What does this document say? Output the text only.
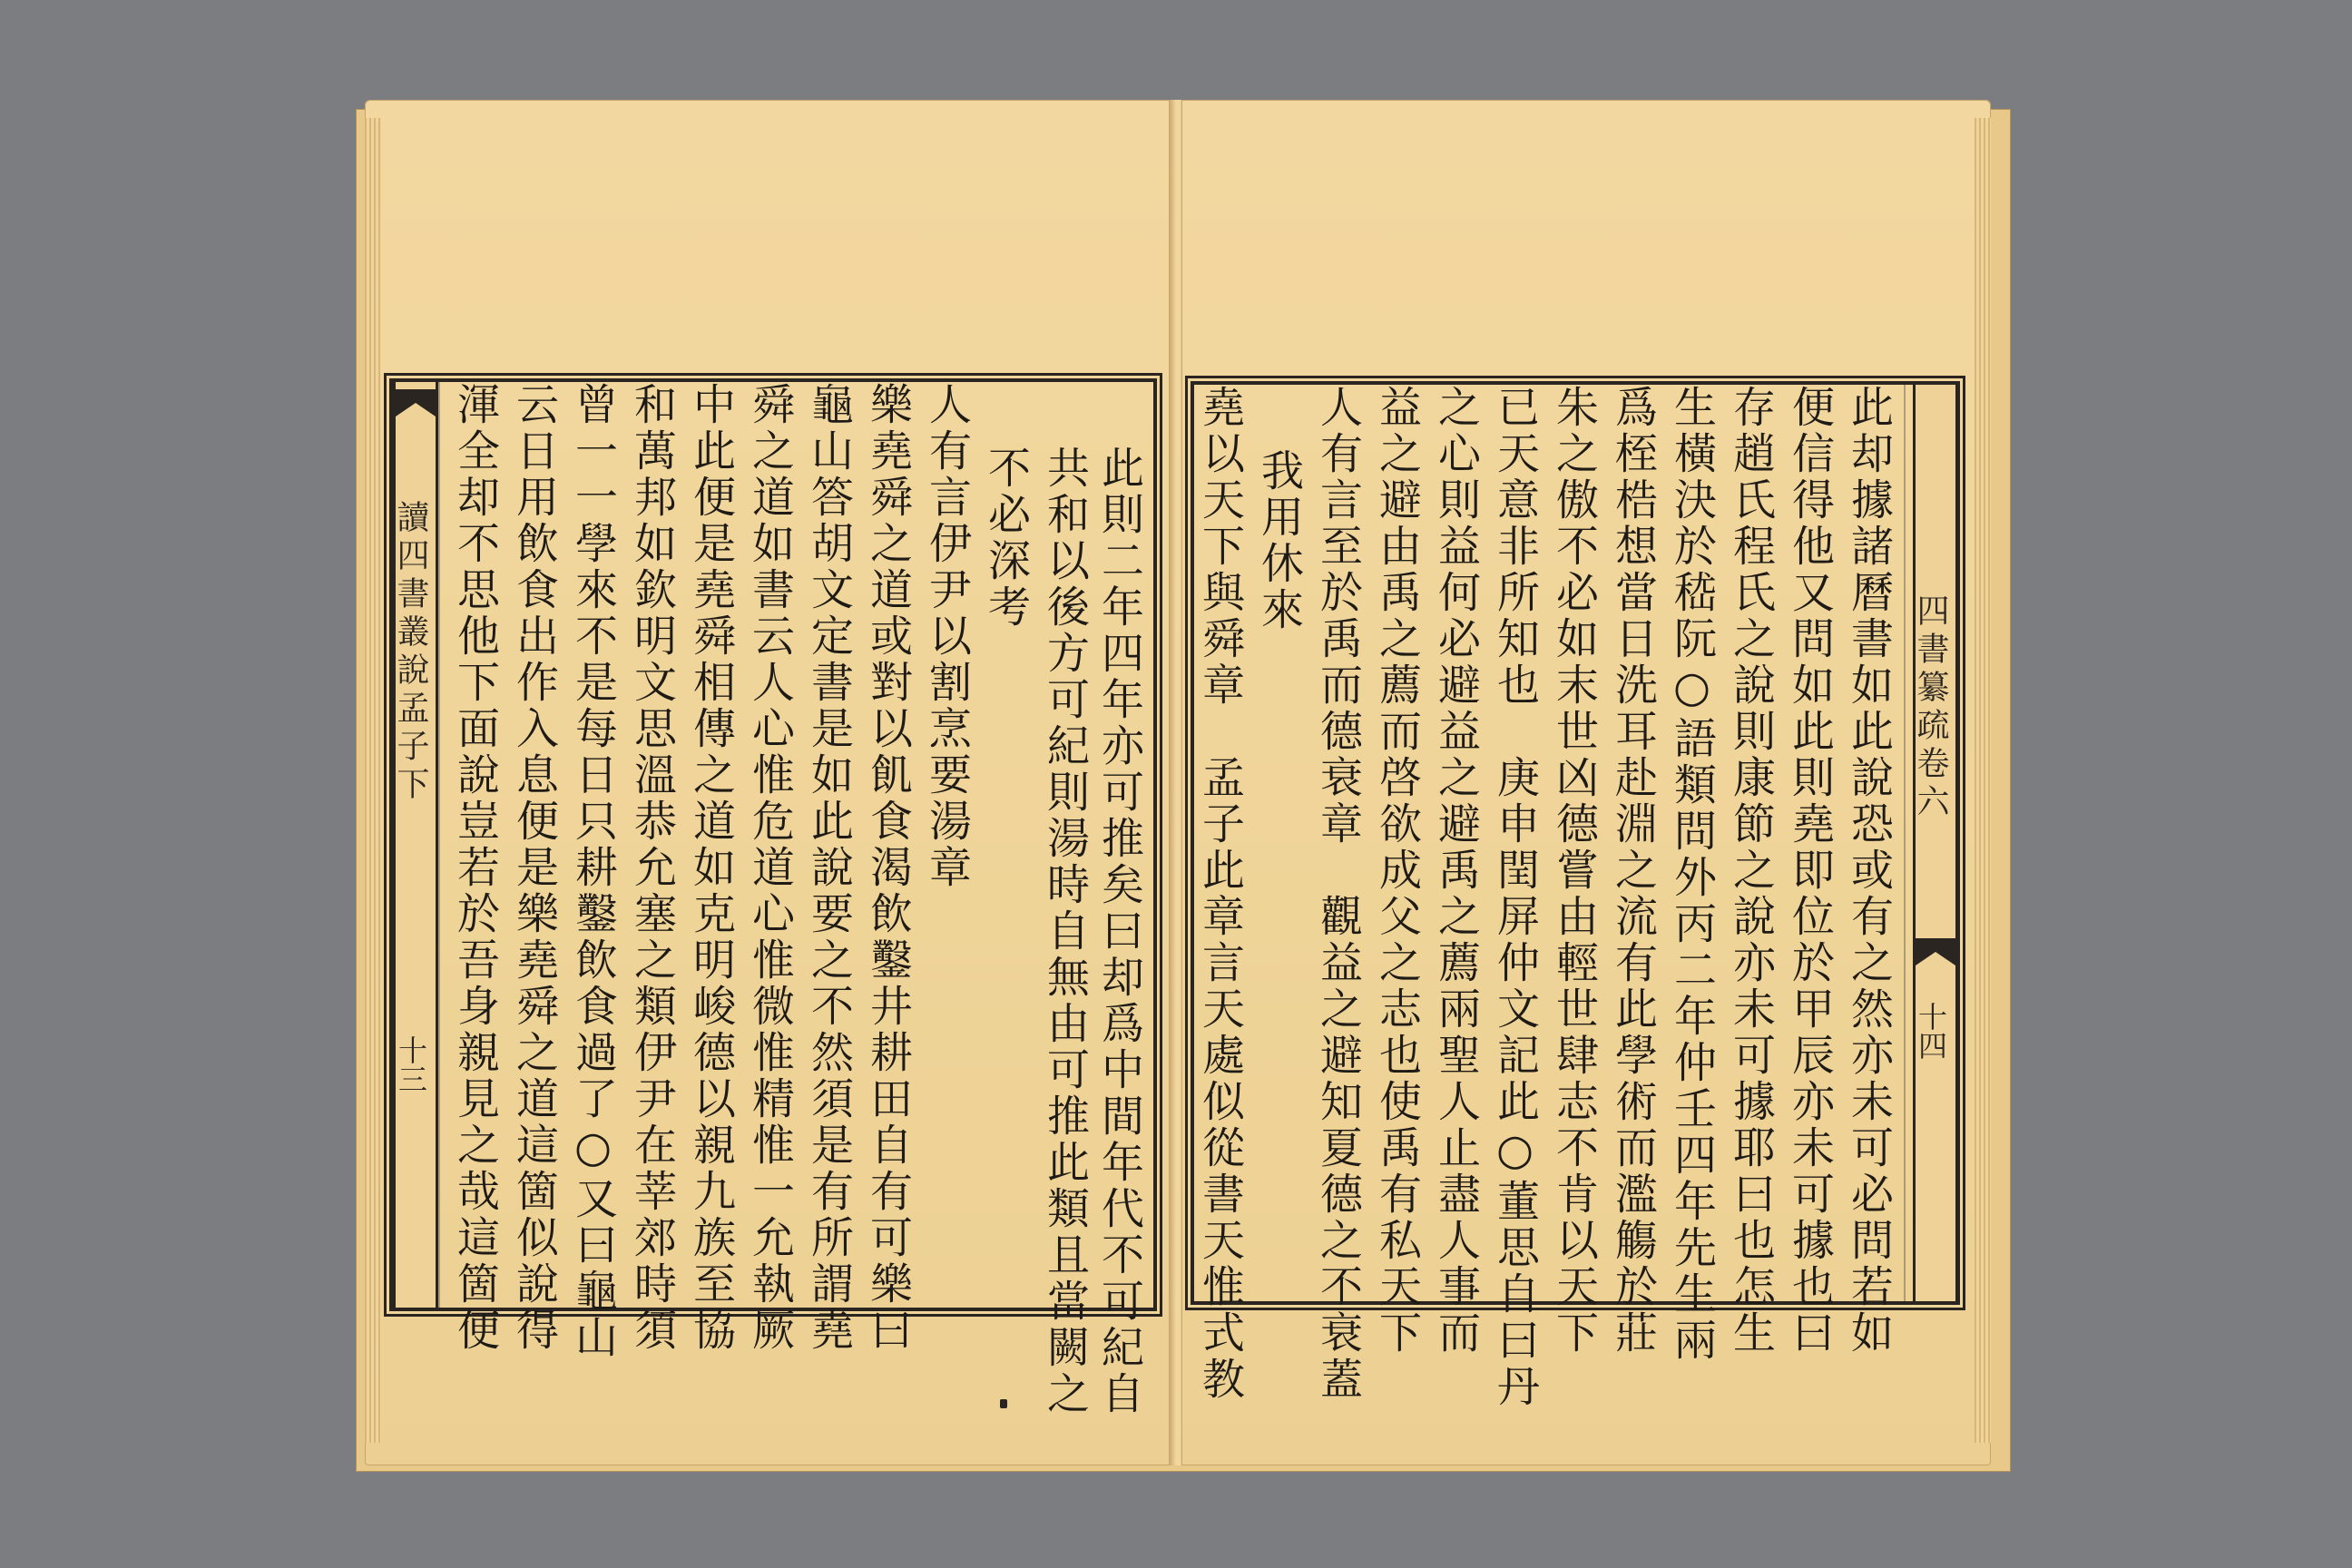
讀四書叢說孟子下
十三 渾全却不思他下面說豈若於吾身親見之哉這箇便 云日用飲食出作入息便是樂堯舜之道這箇似說得 曾一一學來不是每日只耕鑿飲食過了○又曰龜山 和萬邦如欽明文思溫恭允塞之類伊尹在莘郊時須 中此便是堯舜相傳之道如克明峻德以親九族至協 舜之道如書云人心惟危道心惟微惟精惟一允執厥 龜山答胡文定書是如此說要之不然須是有所謂堯 樂堯舜之道或對以飢食渴飲鑿井耕田自有可樂曰 人有言伊尹以割烹要湯章 不必深考 共和以後方可紀則湯時自無由可推此類且當闕之 此則二年四年亦可推矣曰却爲中間年代不可紀自 堯以天下與舜章　孟子此章言天處似從書天惟式教 我用休來 人有言至於禹而德衰章　觀益之避知夏德之不衰蓋 益之避由禹之薦而啓欲成父之志也使禹有私天下 之心則益何必避益之避禹之薦兩聖人止盡人事而 已天意非所知也　庚申閏屏仲文記此○董思自曰丹 朱之傲不必如末世凶德嘗由輕世肆志不肯以天下 爲桎梏想當日洗耳赴淵之流有此學術而濫觴於莊 生橫決於嵇阮○語類問外丙二年仲壬四年先生兩 存趙氏程氏之說則康節之說亦未可據耶曰也怎生 便信得他又問如此則堯即位於甲辰亦未可據也曰 此却據諸曆書如此說恐或有之然亦未可必問若如 四書纂疏卷六
十四
